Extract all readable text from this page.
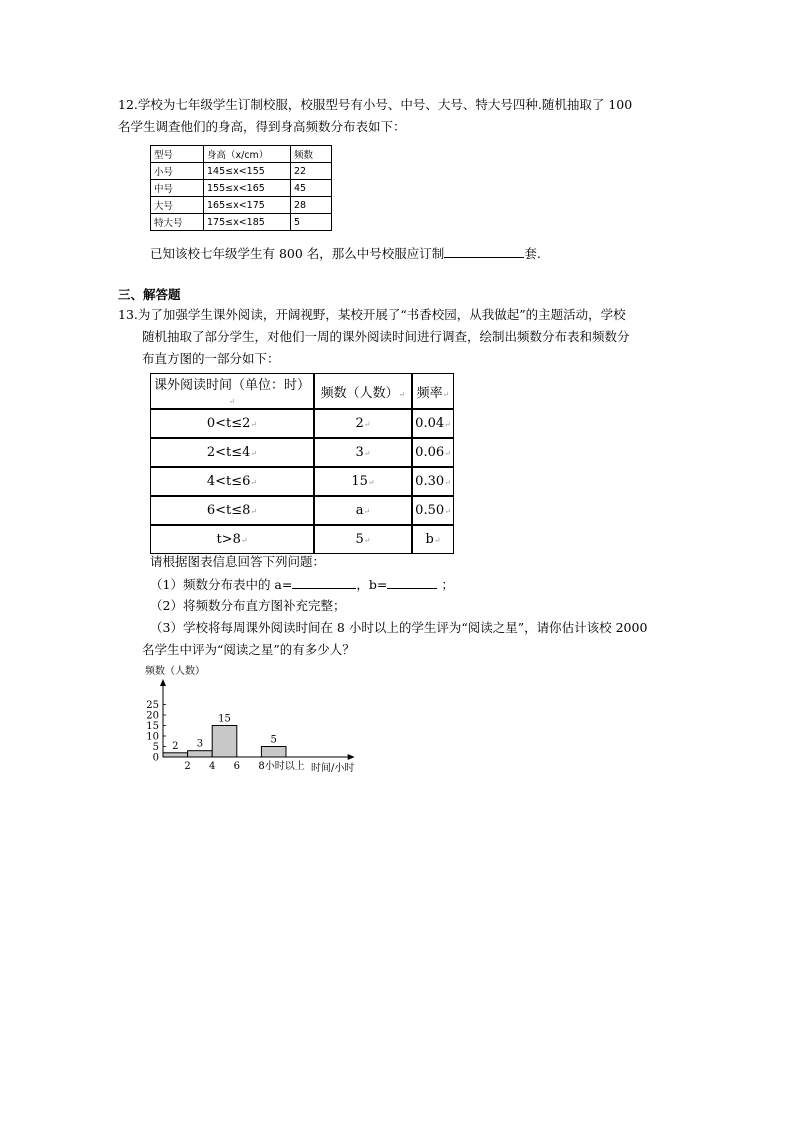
12.学校为七年级学生订制校服，校服型号有小号、中号、大号、特大号四种.随机抽取了 100
名学生调查他们的身高，得到身高频数分布表如下：
型号	身高（x/cm）	频数
小号	145≤x<155	22
中号	155≤x<165	45
大号	165≤x<175	28
特大号	175≤x<185	5
已知该校七年级学生有 800 名，那么中号校服应订制	套.
三、解答题
13.为了加强学生课外阅读，开阔视野，某校开展了“书香校园，从我做起”的主题活动，学校
随机抽取了部分学生，对他们一周的课外阅读时间进行调查，绘制出频数分布表和频数分
布直方图的一部分如下：
课外阅读时间（单位：时）↵	频数（人数）↵	频率↵
0<t≤2↵	2↵	0.04↵
2<t≤4↵	3↵	0.06↵
4<t≤6↵	15↵	0.30↵
6<t≤8↵	a↵	0.50↵
t>8↵	5↵	b↵
请根据图表信息回答下列问题：
（1）频数分布表中的 a=	，b=	；
（2）将频数分布直方图补充完整；
（3）学校将每周课外阅读时间在 8 小时以上的学生评为“阅读之星”，请你估计该校 2000
名学生中评为“阅读之星”的有多少人？
频数（人数）
时间/小时
0
5
10
15
20
25
2 4 6 8小时以上
2 3
15
5
